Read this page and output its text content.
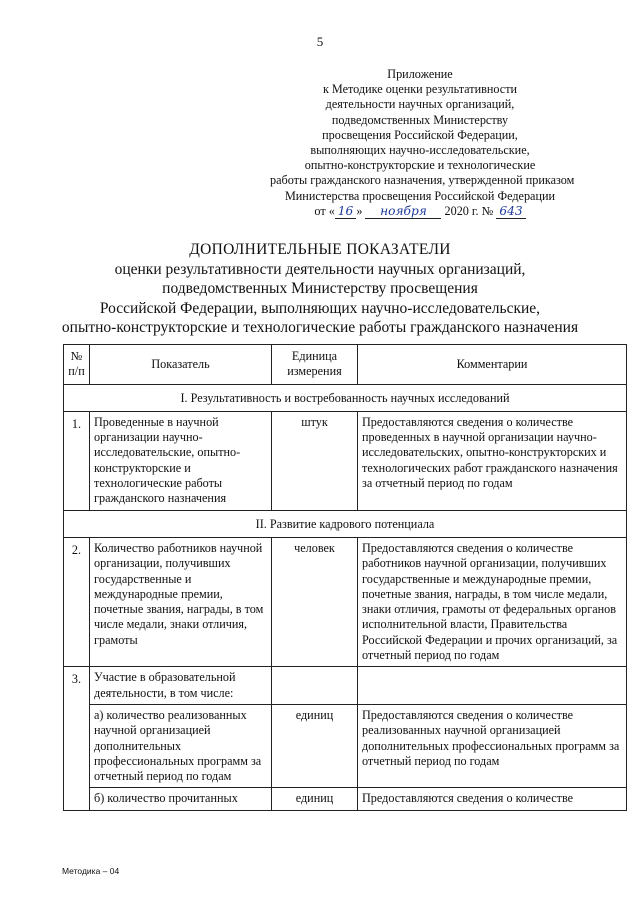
5
Приложение
к Методике оценки результативности
деятельности научных организаций,
подведомственных Министерству
просвещения Российской Федерации,
выполняющих научно-исследовательские,
опытно-конструкторские и технологические
работы гражданского назначения, утвержденной приказом
Министерства просвещения Российской Федерации
от « 16 » ноября 2020 г. № 643
ДОПОЛНИТЕЛЬНЫЕ ПОКАЗАТЕЛИ
оценки результативности деятельности научных организаций,
подведомственных Министерству просвещения
Российской Федерации, выполняющих научно-исследовательские,
опытно-конструкторские и технологические работы гражданского назначения
№ п/п	Показатель	Единица измерения	Комментарии
I. Результативность и востребованность научных исследований			
1.	Проведенные в научной организации научно-исследовательские, опытно-конструкторские и технологические работы гражданского назначения	штук	Предоставляются сведения о количестве проведенных в научной организации научно-исследовательских, опытно-конструкторских и технологических работ гражданского назначения за отчетный период по годам
II. Развитие кадрового потенциала			
2.	Количество работников научной организации, получивших государственные и международные премии, почетные звания, награды, в том числе медали, знаки отличия, грамоты	человек	Предоставляются сведения о количестве работников научной организации, получивших государственные и международные премии, почетные звания, награды, в том числе медали, знаки отличия, грамоты от федеральных органов исполнительной власти, Правительства Российской Федерации и прочих организаций, за отчетный период по годам
3.	Участие в образовательной деятельности, в том числе:		
	а) количество реализованных научной организацией дополнительных профессиональных программ за отчетный период по годам	единиц	Предоставляются сведения о количестве реализованных научной организацией дополнительных профессиональных программ за отчетный период по годам
	б) количество прочитанных	единиц	Предоставляются сведения о количестве
Методика – 04
